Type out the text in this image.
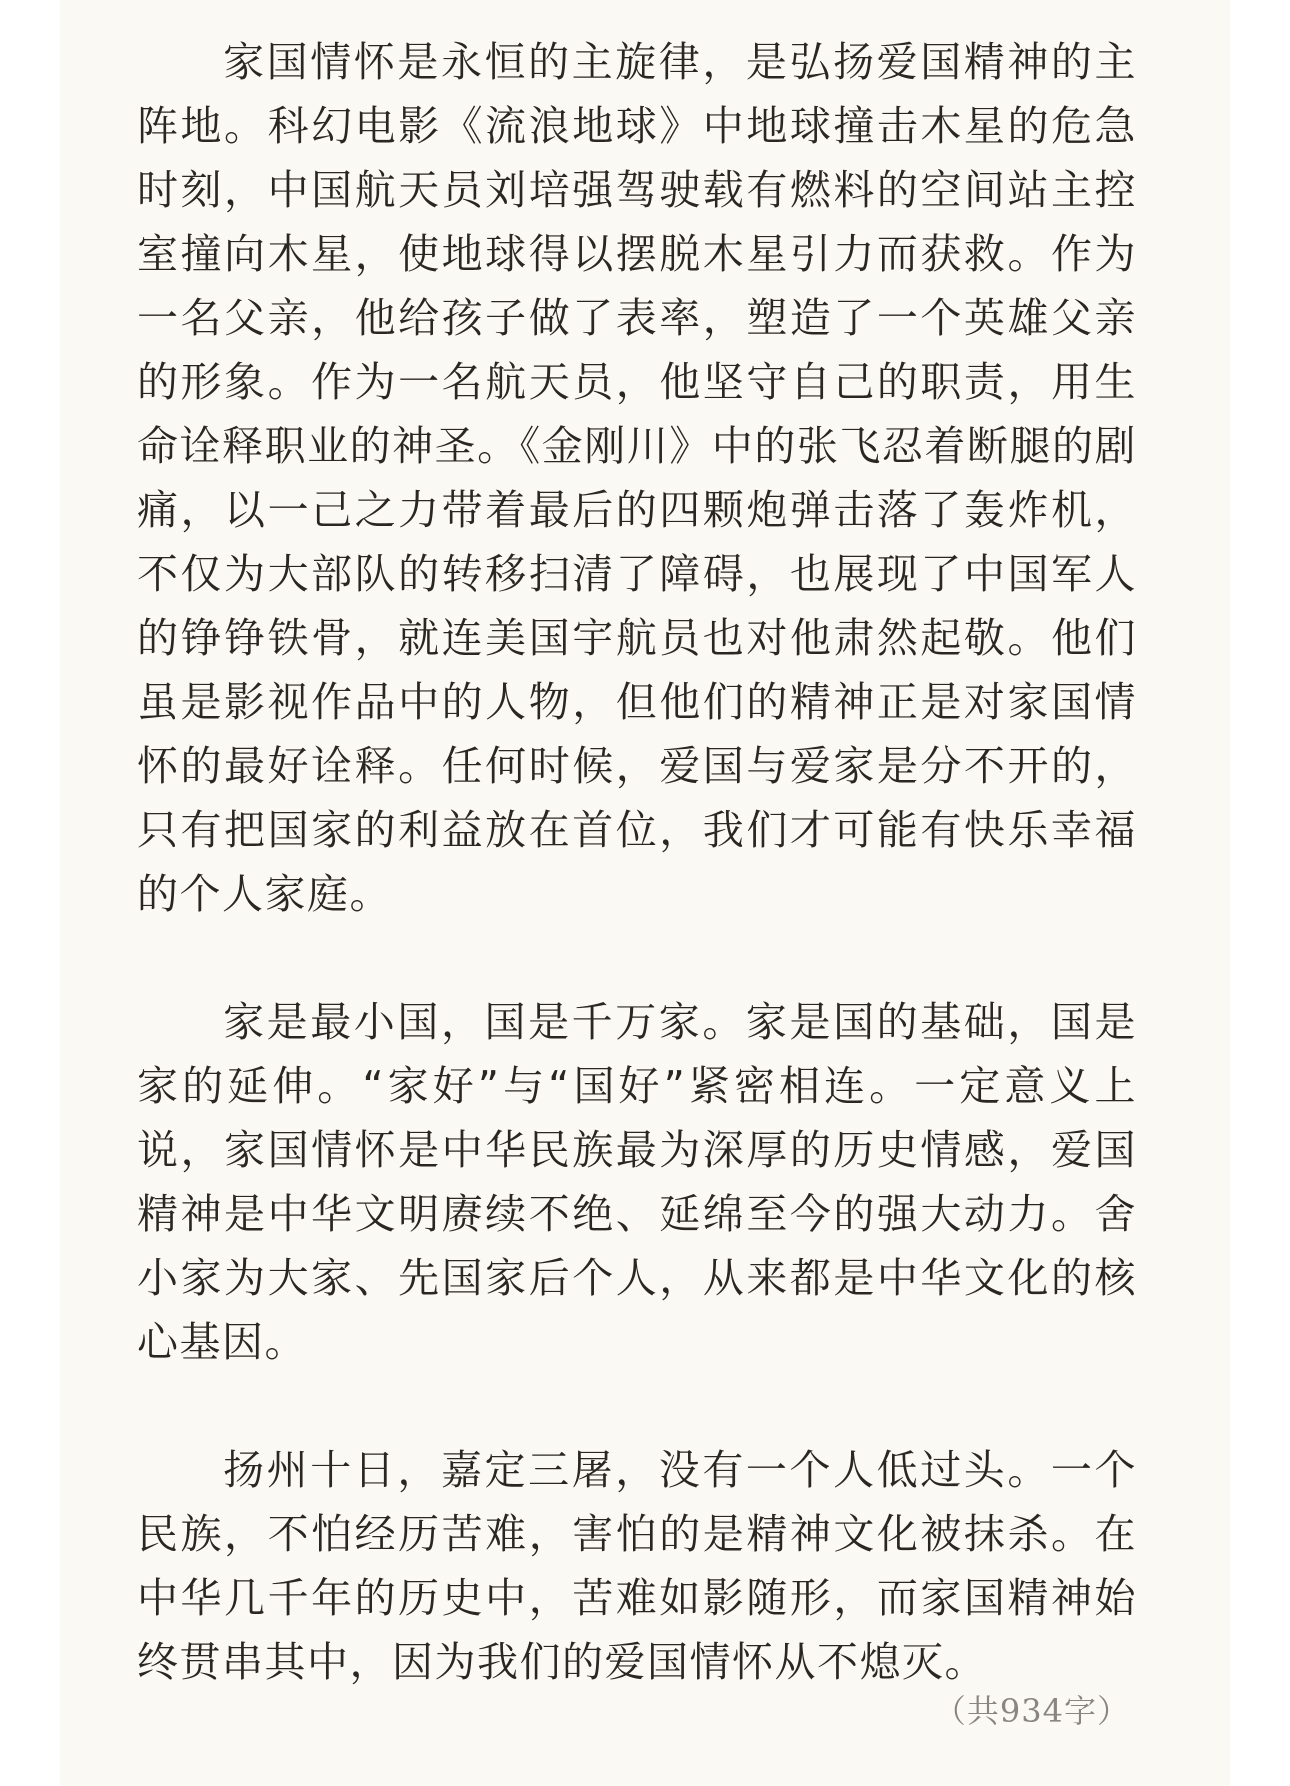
家国情怀是永恒的主旋律，是弘扬爱国精神的主阵地。科幻电影《流浪地球》中地球撞击木星的危急时刻，中国航天员刘培强驾驶载有燃料的空间站主控室撞向木星，使地球得以摆脱木星引力而获救。作为一名父亲，他给孩子做了表率，塑造了一个英雄父亲的形象。作为一名航天员，他坚守自己的职责，用生命诠释职业的神圣。《金刚川》中的张飞忍着断腿的剧痛，以一己之力带着最后的四颗炮弹击落了轰炸机，不仅为大部队的转移扫清了障碍，也展现了中国军人的铮铮铁骨，就连美国宇航员也对他肃然起敬。他们虽是影视作品中的人物，但他们的精神正是对家国情怀的最好诠释。任何时候，爱国与爱家是分不开的，只有把国家的利益放在首位，我们才可能有快乐幸福的个人家庭。

家是最小国，国是千万家。家是国的基础，国是家的延伸。“家好”与“国好”紧密相连。一定意义上说，家国情怀是中华民族最为深厚的历史情感，爱国精神是中华文明赓续不绝、延绵至今的强大动力。舍小家为大家、先国家后个人，从来都是中华文化的核心基因。

扬州十日，嘉定三屠，没有一个人低过头。一个民族，不怕经历苦难，害怕的是精神文化被抹杀。在中华几千年的历史中，苦难如影随形，而家国精神始终贯串其中，因为我们的爱国情怀从不熄灭。

（共934字）
